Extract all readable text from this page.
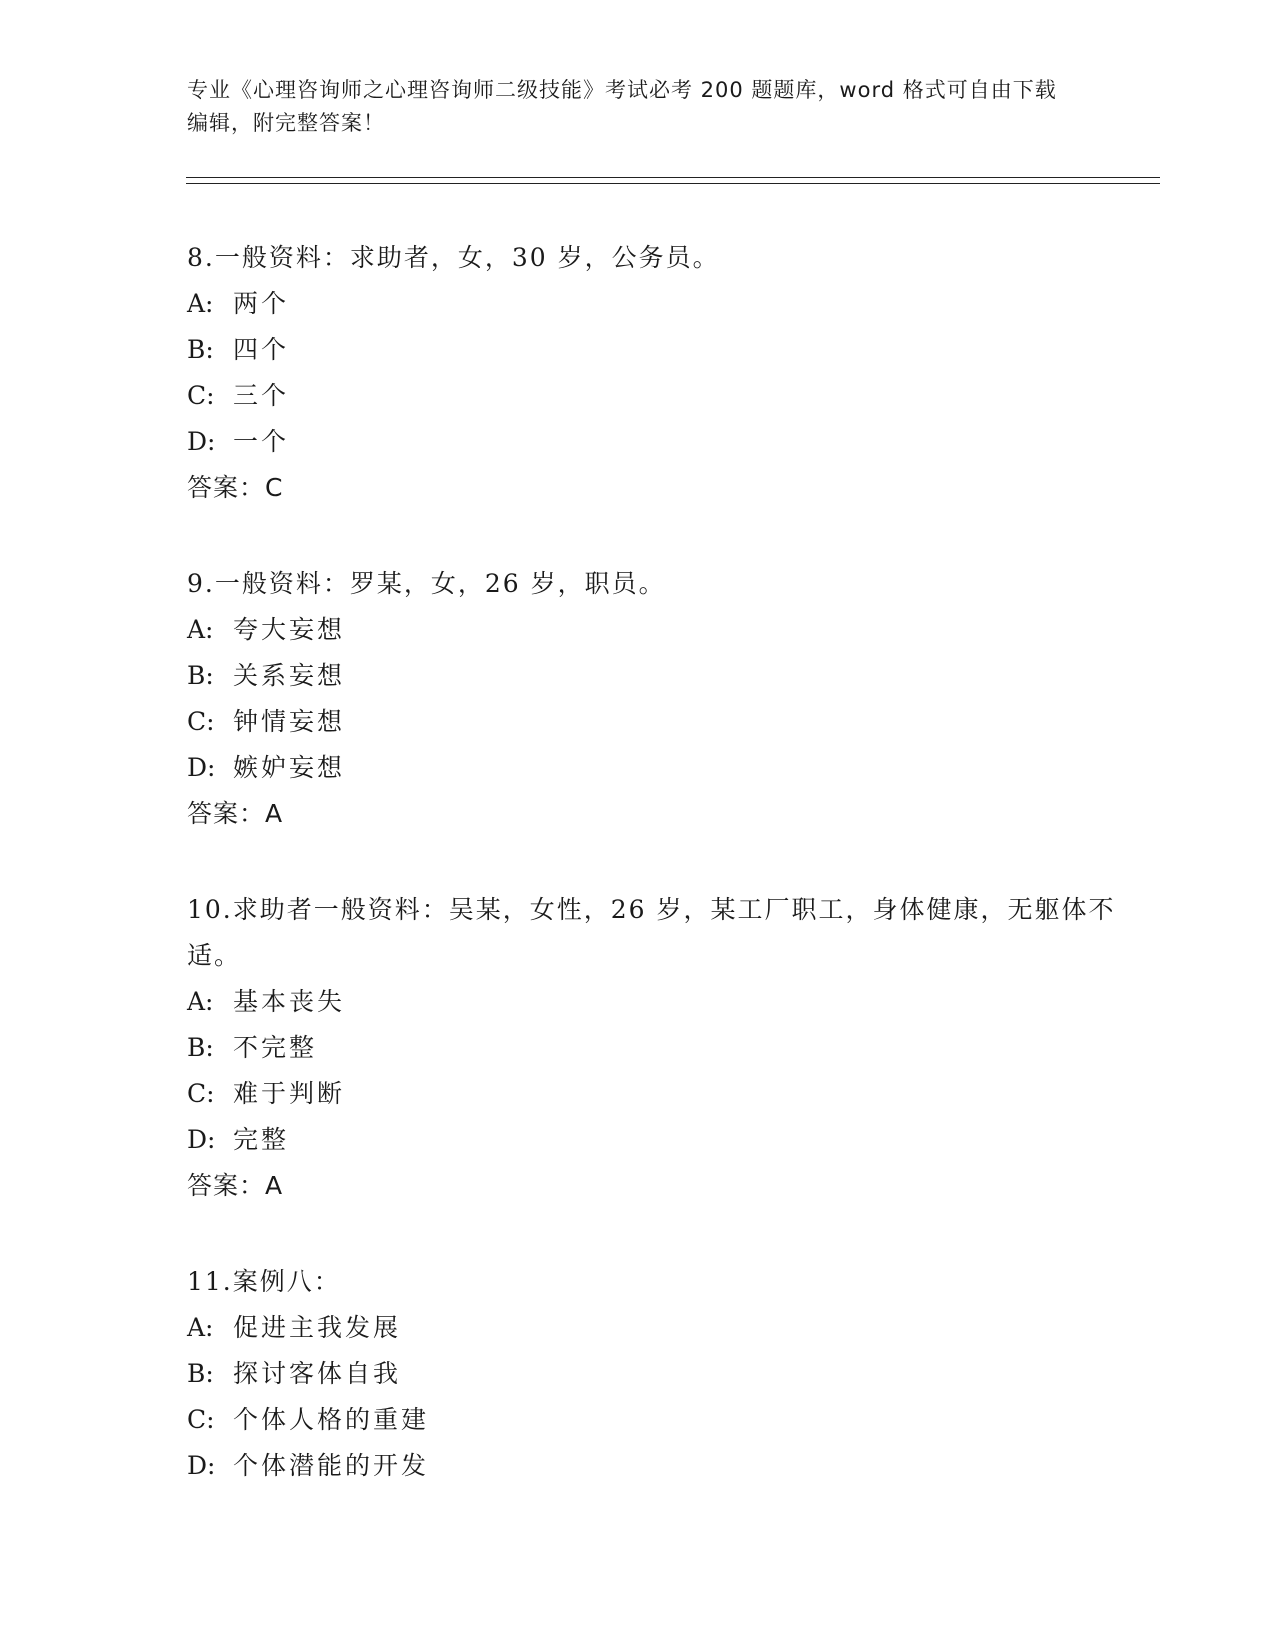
专业《心理咨询师之心理咨询师二级技能》考试必考 200 题题库，word 格式可自由下载编辑，附完整答案！
8.一般资料：求助者，女，30 岁，公务员。
A: 两个
B: 四个
C: 三个
D: 一个
答案：C
9.一般资料：罗某，女，26 岁，职员。
A: 夸大妄想
B: 关系妄想
C: 钟情妄想
D: 嫉妒妄想
答案：A
10.求助者一般资料：吴某，女性，26 岁，某工厂职工，身体健康，无躯体不适。
A: 基本丧失
B: 不完整
C: 难于判断
D: 完整
答案：A
11.案例八：
A: 促进主我发展
B: 探讨客体自我
C: 个体人格的重建
D: 个体潜能的开发
